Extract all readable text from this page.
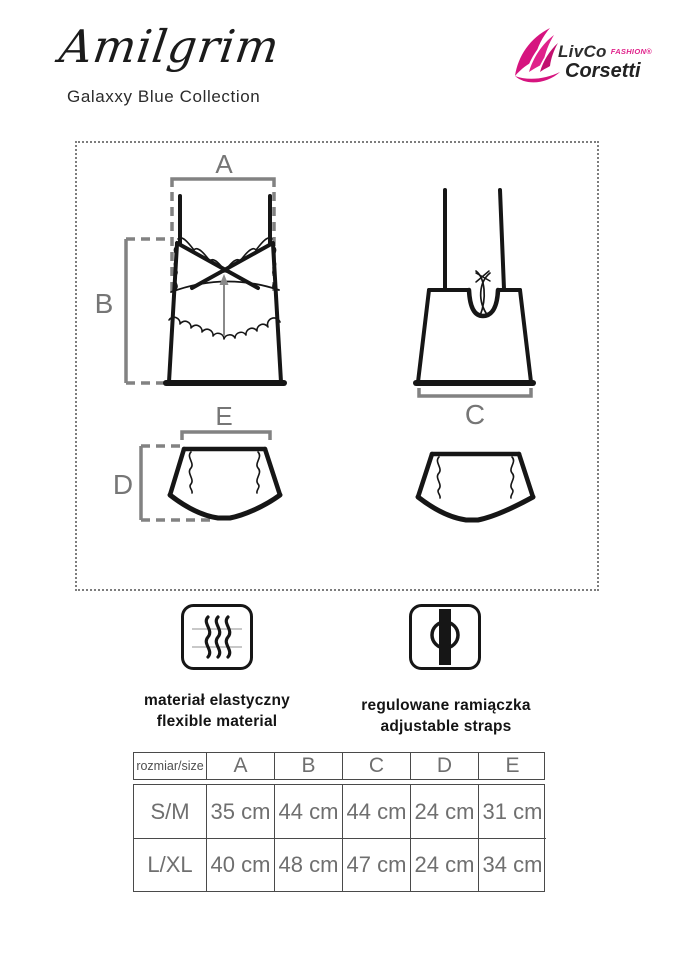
Amilgrim
Galaxxy Blue Collection
LivCo FASHION®
Corsetti
A
B
C
E
D
materiał elastyczny
flexible material
regulowane ramiączka
adjustable straps
rozmiar/size	A	B	C	D	E
S/M 35 cm 44 cm 44 cm 24 cm 31 cm
L/XL 40 cm 48 cm 47 cm 24 cm 34 cm
